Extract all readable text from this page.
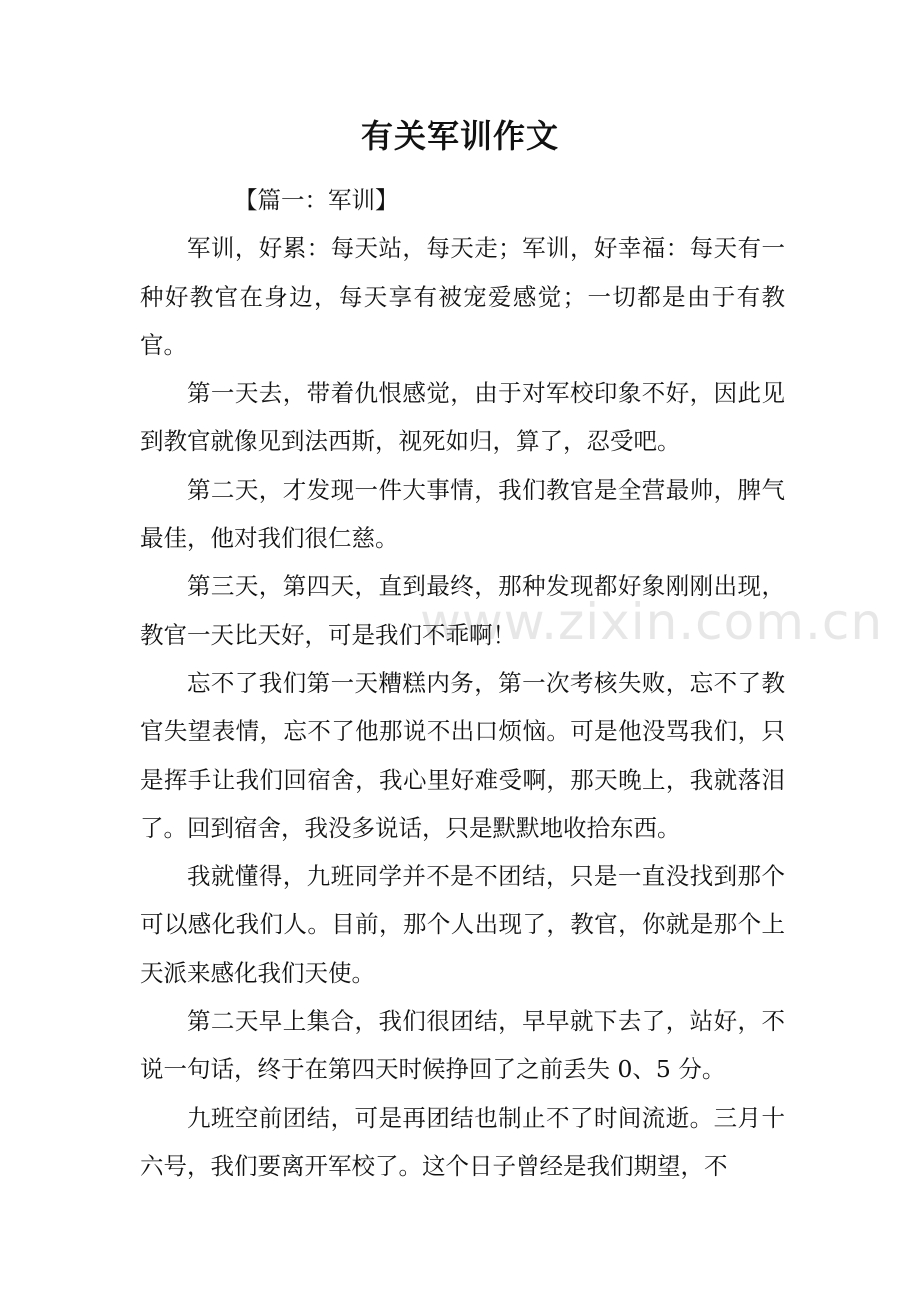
有关军训作文

【篇一：军训】

军训，好累：每天站，每天走；军训，好幸福：每天有一种好教官在身边，每天享有被宠爱感觉；一切都是由于有教官。

第一天去，带着仇恨感觉，由于对军校印象不好，因此见到教官就像见到法西斯，视死如归，算了，忍受吧。

第二天，才发现一件大事情，我们教官是全营最帅，脾气最佳，他对我们很仁慈。

第三天，第四天，直到最终，那种发现都好象刚刚出现，教官一天比天好，可是我们不乖啊！

忘不了我们第一天糟糕内务，第一次考核失败，忘不了教官失望表情，忘不了他那说不出口烦恼。可是他没骂我们，只是挥手让我们回宿舍，我心里好难受啊，那天晚上，我就落泪了。回到宿舍，我没多说话，只是默默地收拾东西。

我就懂得，九班同学并不是不团结，只是一直没找到那个可以感化我们人。目前，那个人出现了，教官，你就是那个上天派来感化我们天使。

第二天早上集合，我们很团结，早早就下去了，站好，不说一句话，终于在第四天时候挣回了之前丢失 0、5 分。

九班空前团结，可是再团结也制止不了时间流逝。三月十六号，我们要离开军校了。这个日子曾经是我们期望，不

www.zixin.com.cn
